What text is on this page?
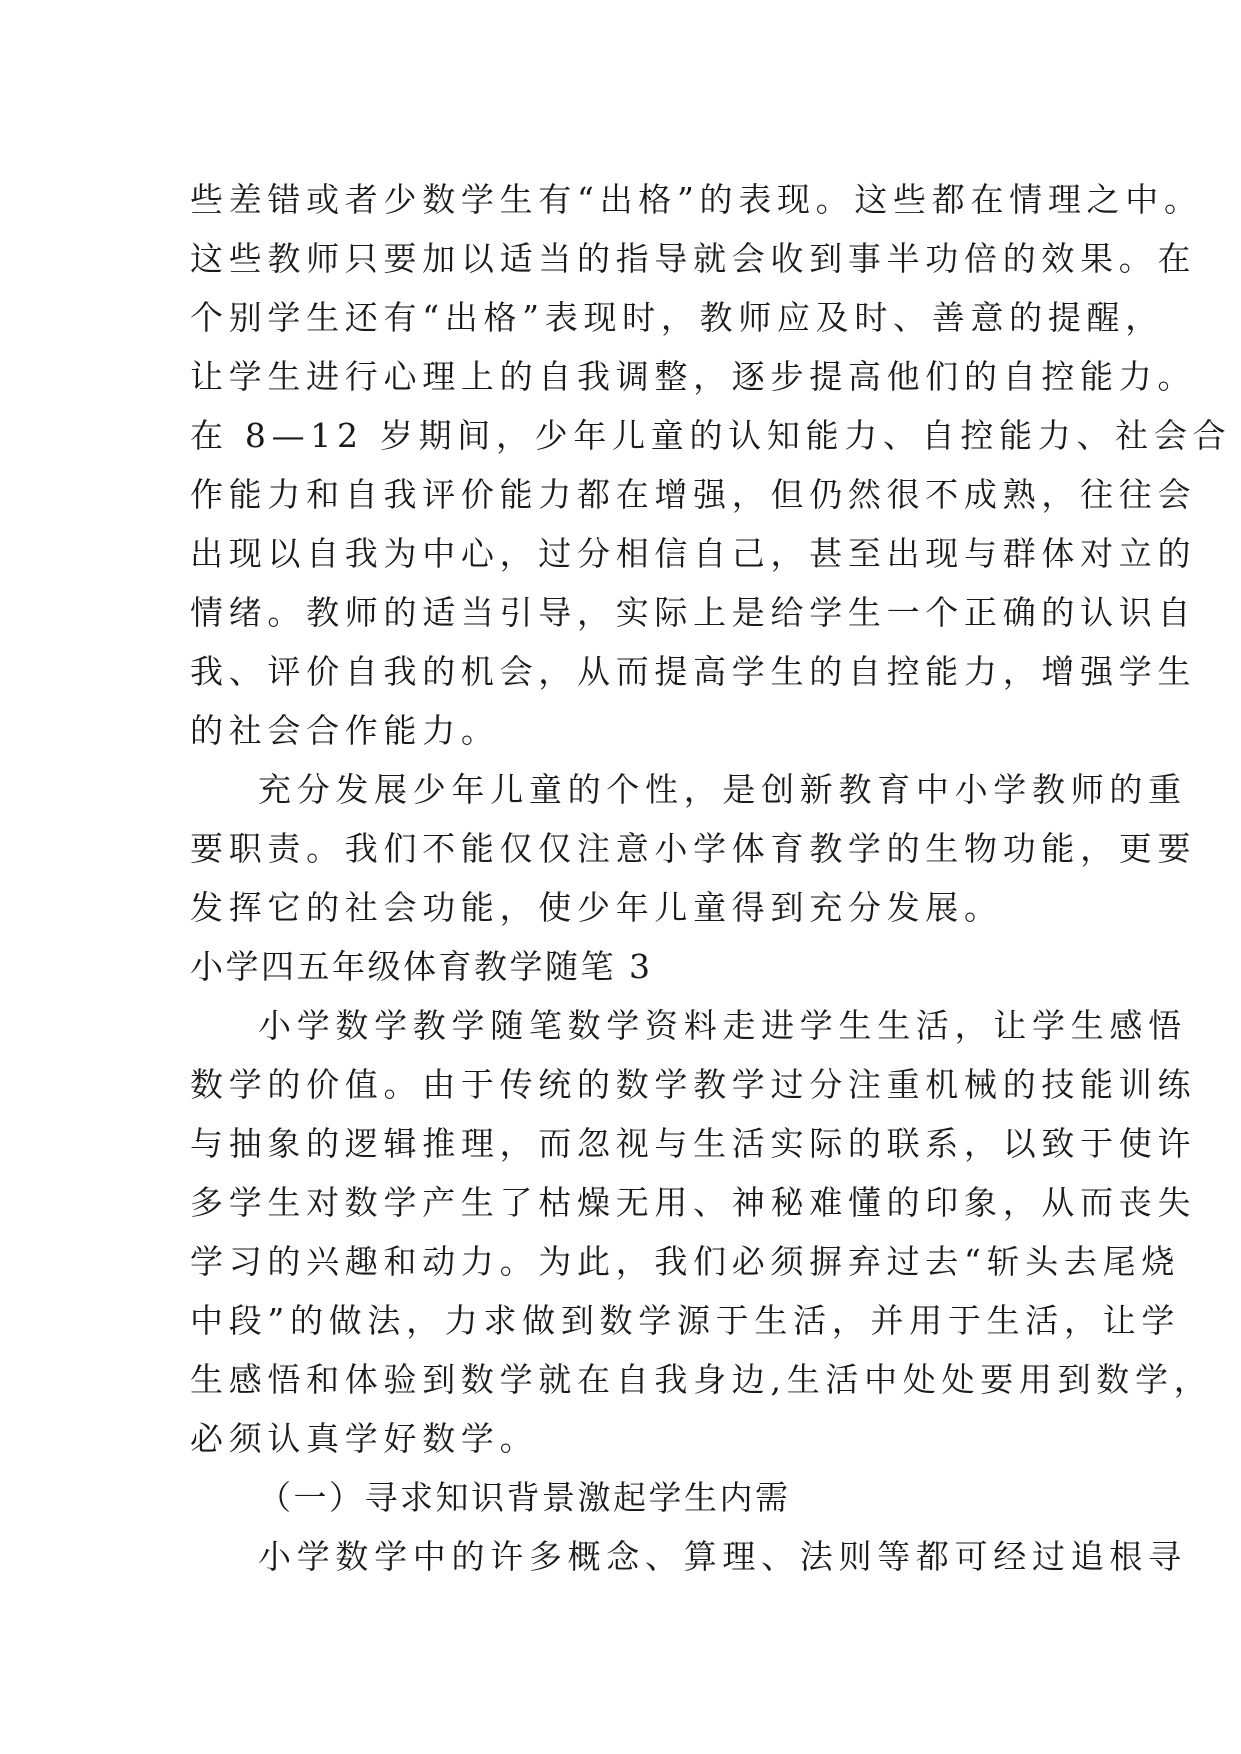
些差错或者少数学生有“出格”的表现。这些都在情理之中。
这些教师只要加以适当的指导就会收到事半功倍的效果。在
个别学生还有“出格”表现时，教师应及时、善意的提醒，
让学生进行心理上的自我调整，逐步提高他们的自控能力。
在 8—12 岁期间，少年儿童的认知能力、自控能力、社会合
作能力和自我评价能力都在增强，但仍然很不成熟，往往会
出现以自我为中心，过分相信自己，甚至出现与群体对立的
情绪。教师的适当引导，实际上是给学生一个正确的认识自
我、评价自我的机会，从而提高学生的自控能力，增强学生
的社会合作能力。
充分发展少年儿童的个性，是创新教育中小学教师的重
要职责。我们不能仅仅注意小学体育教学的生物功能，更要
发挥它的社会功能，使少年儿童得到充分发展。
小学四五年级体育教学随笔 3
小学数学教学随笔数学资料走进学生生活，让学生感悟
数学的价值。由于传统的数学教学过分注重机械的技能训练
与抽象的逻辑推理，而忽视与生活实际的联系，以致于使许
多学生对数学产生了枯燥无用、神秘难懂的印象，从而丧失
学习的兴趣和动力。为此，我们必须摒弃过去“斩头去尾烧
中段”的做法，力求做到数学源于生活，并用于生活，让学
生感悟和体验到数学就在自我身边,生活中处处要用到数学，
必须认真学好数学。
（一）寻求知识背景激起学生内需
小学数学中的许多概念、算理、法则等都可经过追根寻
